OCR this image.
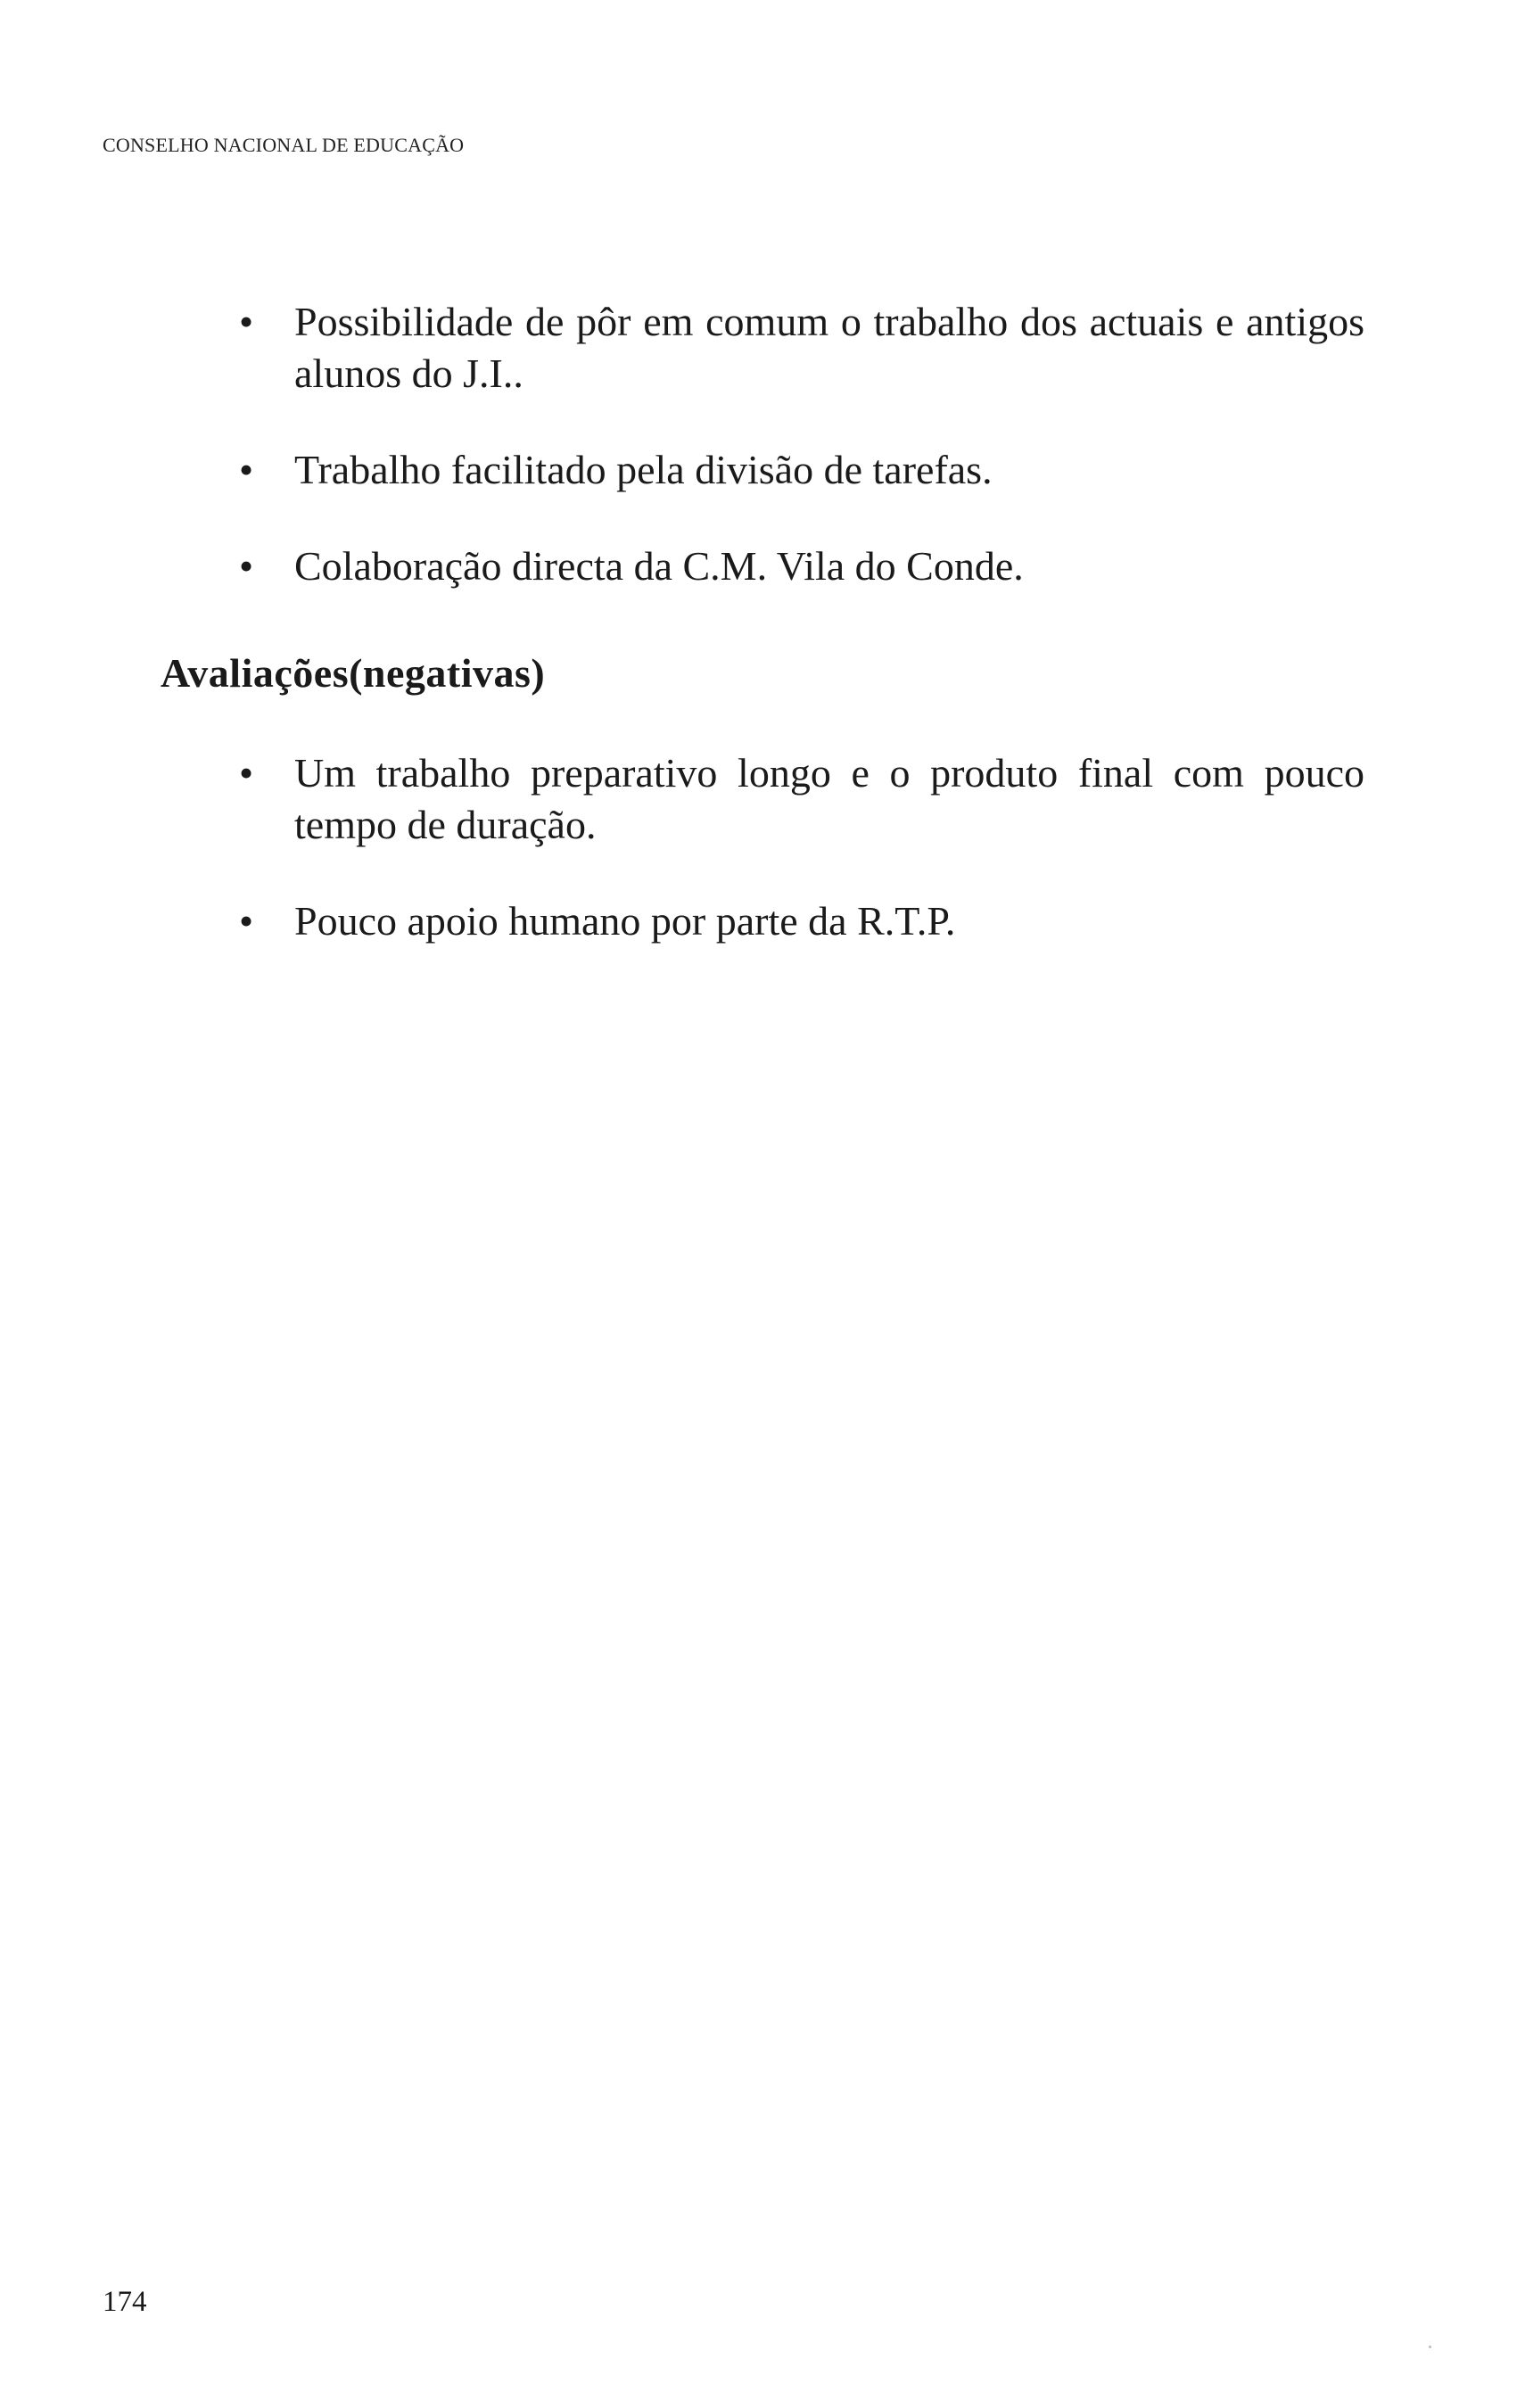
CONSELHO NACIONAL DE EDUCAÇÃO
• Possibilidade de pôr em comum o trabalho dos actuais e antigos alunos do J.I..
• Trabalho facilitado pela divisão de tarefas.
• Colaboração directa da C.M. Vila do Conde.
Avaliações(negativas)
• Um trabalho preparativo longo e o produto final com pouco tempo de duração.
• Pouco apoio humano por parte da R.T.P.
174
